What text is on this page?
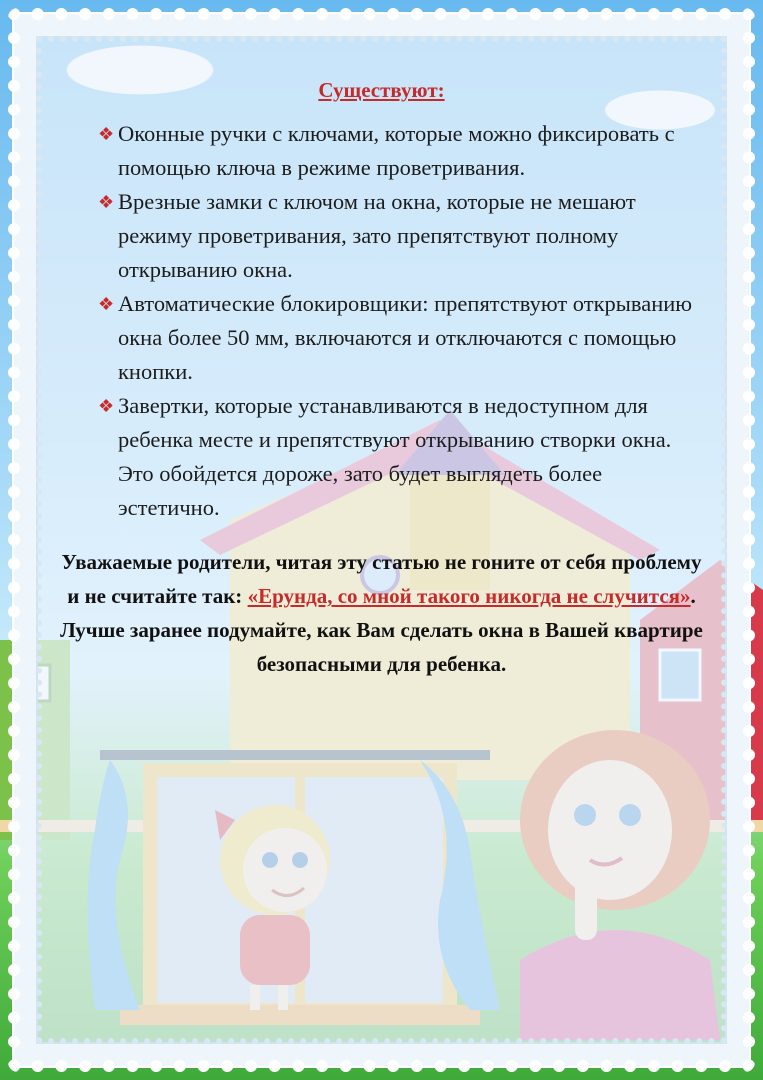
Существуют:
❖ Оконные ручки с ключами, которые можно фиксировать с помощью ключа в режиме проветривания.
❖ Врезные замки с ключом на окна, которые не мешают режиму проветривания, зато препятствуют полному открыванию окна.
❖ Автоматические блокировщики: препятствуют открыванию окна более 50 мм, включаются и отключаются с помощью кнопки.
❖ Завертки, которые устанавливаются в недоступном для ребенка месте и препятствуют открыванию створки окна.

Это обойдется дороже, зато будет выглядеть более эстетично.

Уважаемые родители, читая эту статью не гоните от себя проблему и не считайте так: «Ерунда, со мной такого никогда не случится». Лучше заранее подумайте, как Вам сделать окна в Вашей квартире безопасными для ребенка.
